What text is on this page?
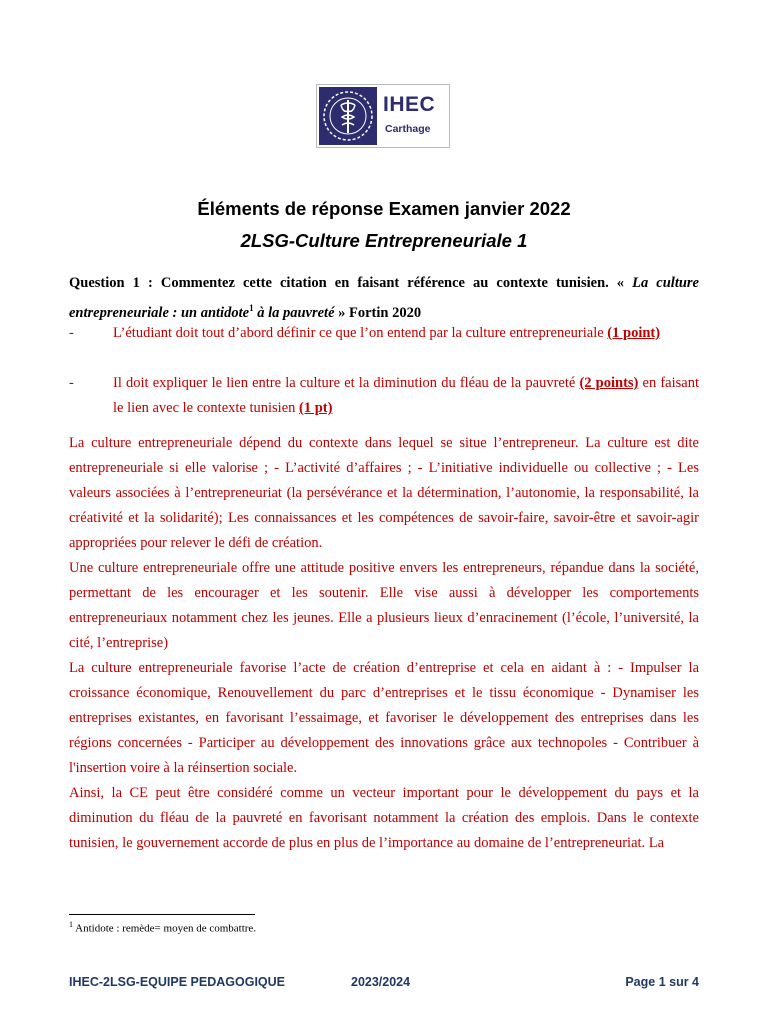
IHEC
Carthage
Éléments de réponse Examen janvier 2022
2LSG-Culture Entrepreneuriale 1
Question 1 : Commentez cette citation en faisant référence au contexte tunisien. « La culture entrepreneuriale : un antidote$^1$ à la pauvreté » Fortin 2020
- L’étudiant doit tout d’abord définir ce que l’on entend par la culture entrepreneuriale (1 point)
- Il doit expliquer le lien entre la culture et la diminution du fléau de la pauvreté (2 points) en faisant le lien avec le contexte tunisien (1 pt)

La culture entrepreneuriale dépend du contexte dans lequel se situe l’entrepreneur. La culture est dite entrepreneuriale si elle valorise ; - L’activité d’affaires ; - L’initiative individuelle ou collective ; - Les valeurs associées à l’entrepreneuriat (la persévérance et la détermination, l’autonomie, la responsabilité, la créativité et la solidarité); Les connaissances et les compétences de savoir-faire, savoir-être et savoir-agir appropriées pour relever le défi de création.

Une culture entrepreneuriale offre une attitude positive envers les entrepreneurs, répandue dans la société, permettant de les encourager et les soutenir. Elle vise aussi à développer les comportements entrepreneuriaux notamment chez les jeunes. Elle a plusieurs lieux d’enracinement (l’école, l’université, la cité, l’entreprise)

La culture entrepreneuriale favorise l’acte de création d’entreprise et cela en aidant à : - Impulser la croissance économique, Renouvellement du parc d’entreprises et le tissu économique - Dynamiser les entreprises existantes, en favorisant l’essaimage, et favoriser le développement des entreprises dans les régions concernées - Participer au développement des innovations grâce aux technopoles - Contribuer à l'insertion voire à la réinsertion sociale.

Ainsi, la CE peut être considéré comme un vecteur important pour le développement du pays et la diminution du fléau de la pauvreté en favorisant notamment la création des emplois. Dans le contexte tunisien, le gouvernement accorde de plus en plus de l’importance au domaine de l’entrepreneuriat. La

$^1$ Antidote : remède= moyen de combattre.
IHEC-2LSG-EQUIPE PEDAGOGIQUE	2023/2024	Page 1 sur 4
